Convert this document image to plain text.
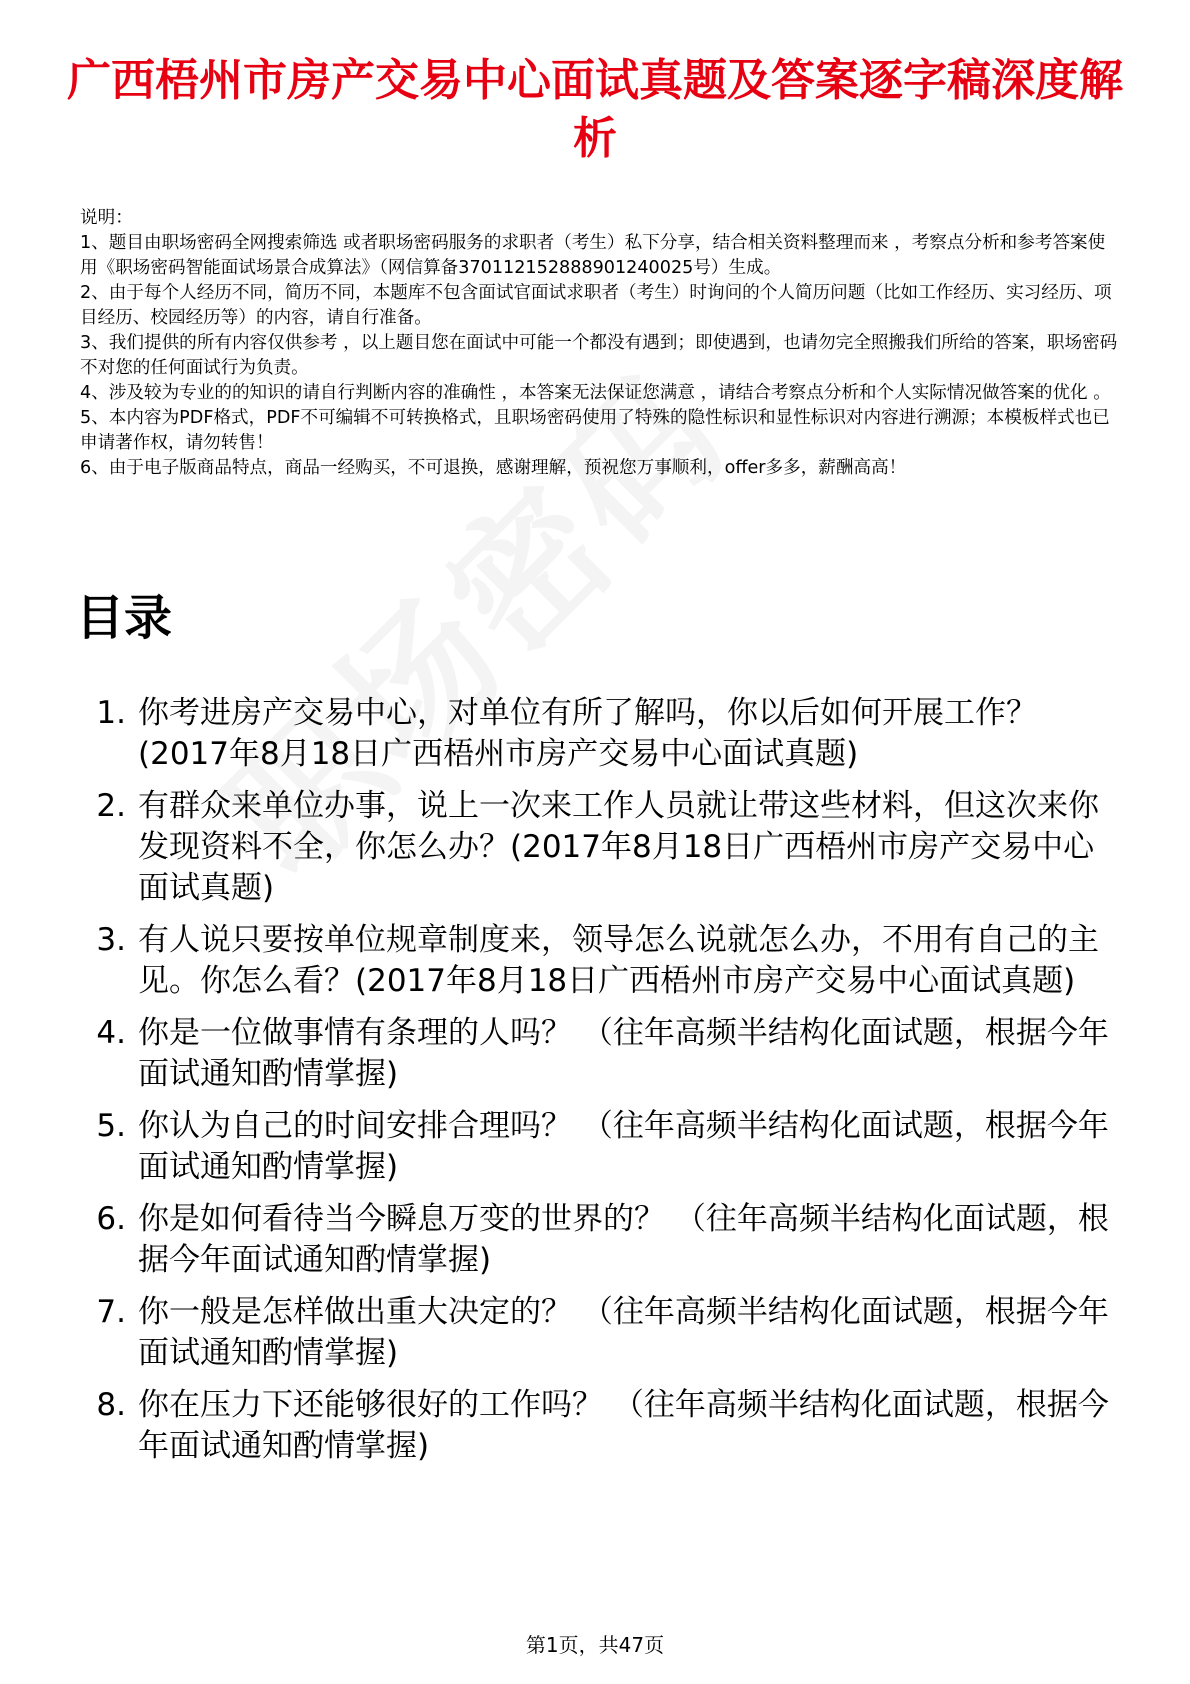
广西梧州市房产交易中心面试真题及答案逐字稿深度解析

说明：

1、题目由职场密码全网搜索筛选 或者职场密码服务的求职者（考生）私下分享，结合相关资料整理而来 ，考察点分析和参考答案使用《职场密码智能面试场景合成算法》（网信算备370112152888901240025号）生成。

2、由于每个人经历不同，简历不同，本题库不包含面试官面试求职者（考生）时询问的个人简历问题（比如工作经历、实习经历、项目经历、校园经历等）的内容，请自行准备。

3、我们提供的所有内容仅供参考 ，以上题目您在面试中可能一个都没有遇到；即使遇到，也请勿完全照搬我们所给的答案，职场密码不对您的任何面试行为负责。

4、涉及较为专业的的知识的请自行判断内容的准确性 ，本答案无法保证您满意 ，请结合考察点分析和个人实际情况做答案的优化 。

5、本内容为PDF格式，PDF不可编辑不可转换格式，且职场密码使用了特殊的隐性标识和显性标识对内容进行溯源；本模板样式也已申请著作权，请勿转售！

6、由于电子版商品特点，商品一经购买，不可退换，感谢理解，预祝您万事顺利，offer多多，薪酬高高！

目录
1. 你考进房产交易中心，对单位有所了解吗，你以后如何开展工作？(2017年8月18日广西梧州市房产交易中心面试真题)
2. 有群众来单位办事，说上一次来工作人员就让带这些材料，但这次来你发现资料不全，你怎么办？(2017年8月18日广西梧州市房产交易中心面试真题)
3. 有人说只要按单位规章制度来，领导怎么说就怎么办，不用有自己的主见。你怎么看？(2017年8月18日广西梧州市房产交易中心面试真题)
4. 你是一位做事情有条理的人吗？ （往年高频半结构化面试题，根据今年面试通知酌情掌握)
5. 你认为自己的时间安排合理吗？ （往年高频半结构化面试题，根据今年面试通知酌情掌握)
6. 你是如何看待当今瞬息万变的世界的？ （往年高频半结构化面试题，根据今年面试通知酌情掌握)
7. 你一般是怎样做出重大决定的？ （往年高频半结构化面试题，根据今年面试通知酌情掌握)
8. 你在压力下还能够很好的工作吗？ （往年高频半结构化面试题，根据今年面试通知酌情掌握)
第1页，共47页
